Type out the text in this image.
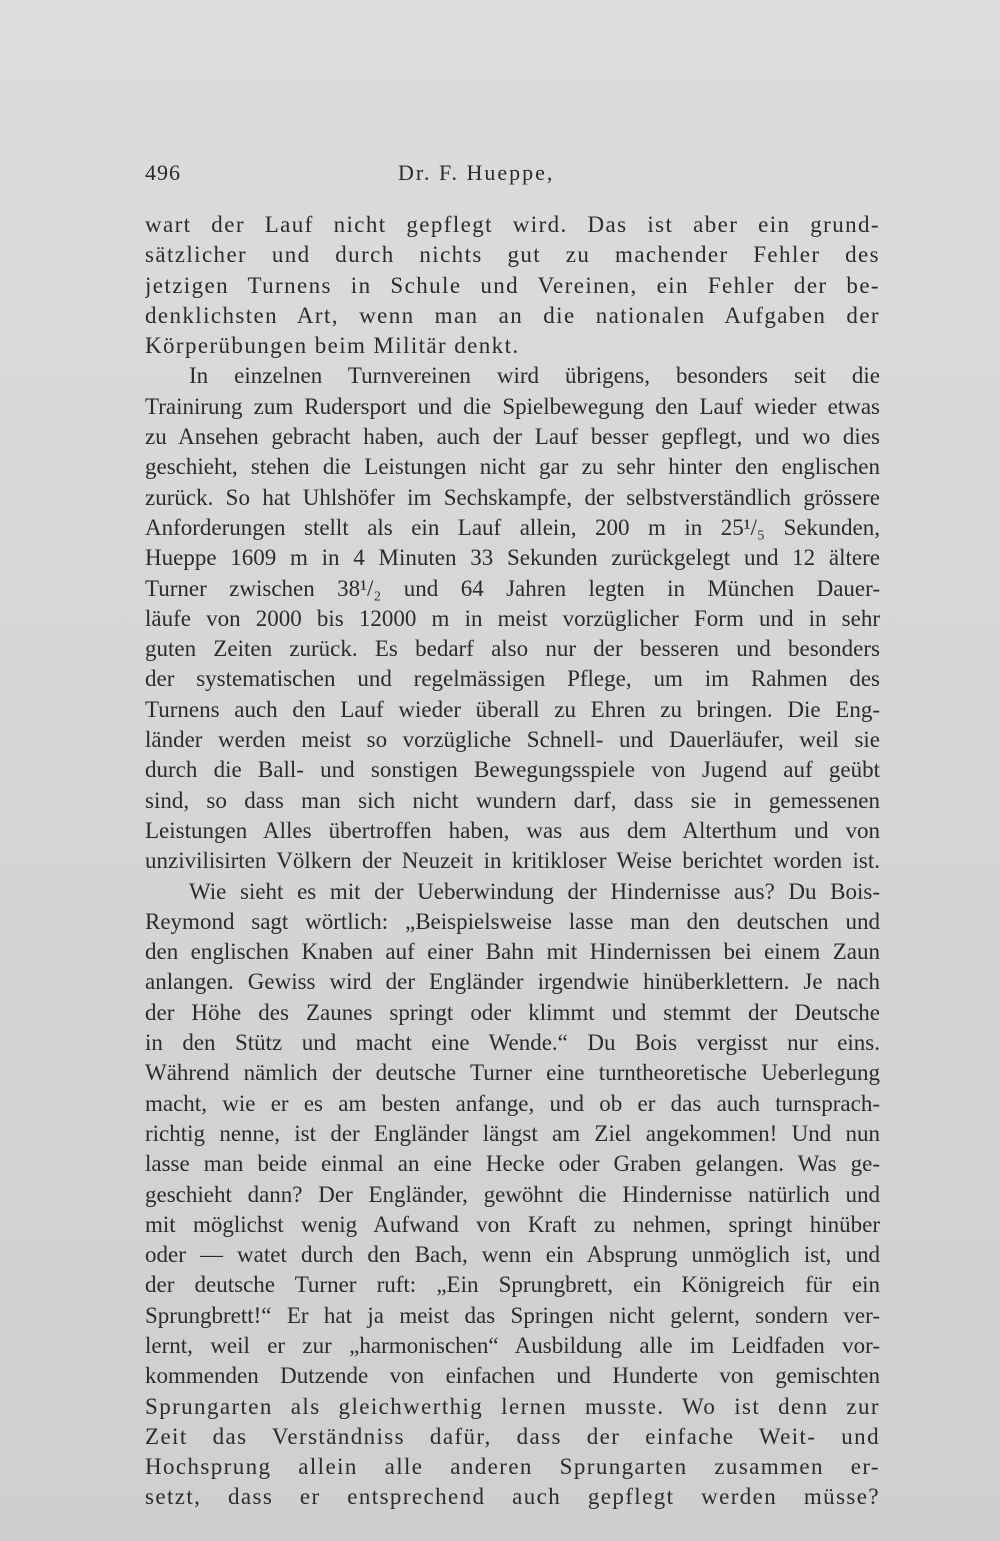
496	Dr. F. Hueppe,
wart der Lauf nicht gepflegt wird. Das ist aber ein grund-
sätzlicher und durch nichts gut zu machender Fehler des
jetzigen Turnens in Schule und Vereinen, ein Fehler der be-
denklichsten Art, wenn man an die nationalen Aufgaben der
Körperübungen beim Militär denkt.
In einzelnen Turnvereinen wird übrigens, besonders seit die
Trainirung zum Rudersport und die Spielbewegung den Lauf wieder etwas
zu Ansehen gebracht haben, auch der Lauf besser gepflegt, und wo dies
geschieht, stehen die Leistungen nicht gar zu sehr hinter den englischen
zurück. So hat Uhlshöfer im Sechskampfe, der selbstverständlich grössere
Anforderungen stellt als ein Lauf allein, 200 m in 25¹/₅ Sekunden,
Hueppe 1609 m in 4 Minuten 33 Sekunden zurückgelegt und 12 ältere
Turner zwischen 38¹/₂ und 64 Jahren legten in München Dauer-
läufe von 2000 bis 12000 m in meist vorzüglicher Form und in sehr
guten Zeiten zurück. Es bedarf also nur der besseren und besonders
der systematischen und regelmässigen Pflege, um im Rahmen des
Turnens auch den Lauf wieder überall zu Ehren zu bringen. Die Eng-
länder werden meist so vorzügliche Schnell- und Dauerläufer, weil sie
durch die Ball- und sonstigen Bewegungsspiele von Jugend auf geübt
sind, so dass man sich nicht wundern darf, dass sie in gemessenen
Leistungen Alles übertroffen haben, was aus dem Alterthum und von
unzivilisirten Völkern der Neuzeit in kritikloser Weise berichtet worden ist.
Wie sieht es mit der Ueberwindung der Hindernisse aus? Du Bois-
Reymond sagt wörtlich: „Beispielsweise lasse man den deutschen und
den englischen Knaben auf einer Bahn mit Hindernissen bei einem Zaun
anlangen. Gewiss wird der Engländer irgendwie hinüberklettern. Je nach
der Höhe des Zaunes springt oder klimmt und stemmt der Deutsche
in den Stütz und macht eine Wende.“ Du Bois vergisst nur eins.
Während nämlich der deutsche Turner eine turntheoretische Ueberlegung
macht, wie er es am besten anfange, und ob er das auch turnsprach-
richtig nenne, ist der Engländer längst am Ziel angekommen! Und nun
lasse man beide einmal an eine Hecke oder Graben gelangen. Was ge-
geschieht dann? Der Engländer, gewöhnt die Hindernisse natürlich und
mit möglichst wenig Aufwand von Kraft zu nehmen, springt hinüber
oder — watet durch den Bach, wenn ein Absprung unmöglich ist, und
der deutsche Turner ruft: „Ein Sprungbrett, ein Königreich für ein
Sprungbrett!“ Er hat ja meist das Springen nicht gelernt, sondern ver-
lernt, weil er zur „harmonischen“ Ausbildung alle im Leidfaden vor-
kommenden Dutzende von einfachen und Hunderte von gemischten
Sprungarten als gleichwerthig lernen musste. Wo ist denn zur
Zeit das Verständniss dafür, dass der einfache Weit- und
Hochsprung allein alle anderen Sprungarten zusammen er-
setzt, dass er entsprechend auch gepflegt werden müsse?
